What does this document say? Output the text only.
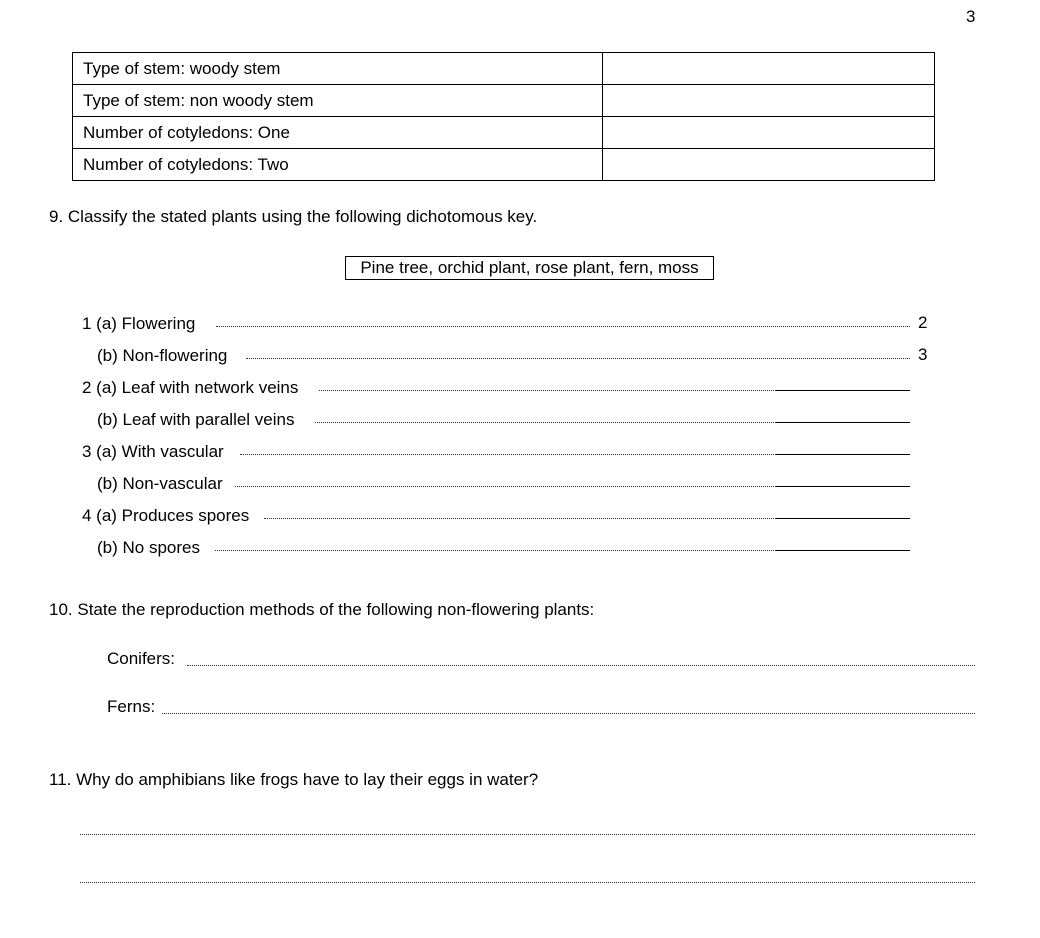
3
Type of stem: woody stem	
Type of stem: non woody stem	
Number of cotyledons: One	
Number of cotyledons: Two	
9. Classify the stated plants using the following dichotomous key.
Pine tree, orchid plant, rose plant, fern, moss
1 (a) Flowering	2
(b) Non-flowering	3
2 (a) Leaf with network veins
(b) Leaf with parallel veins
3 (a) With vascular
(b) Non-vascular
4 (a) Produces spores
(b) No spores
10. State the reproduction methods of the following non-flowering plants:
Conifers:
Ferns:
11. Why do amphibians like frogs have to lay their eggs in water?
